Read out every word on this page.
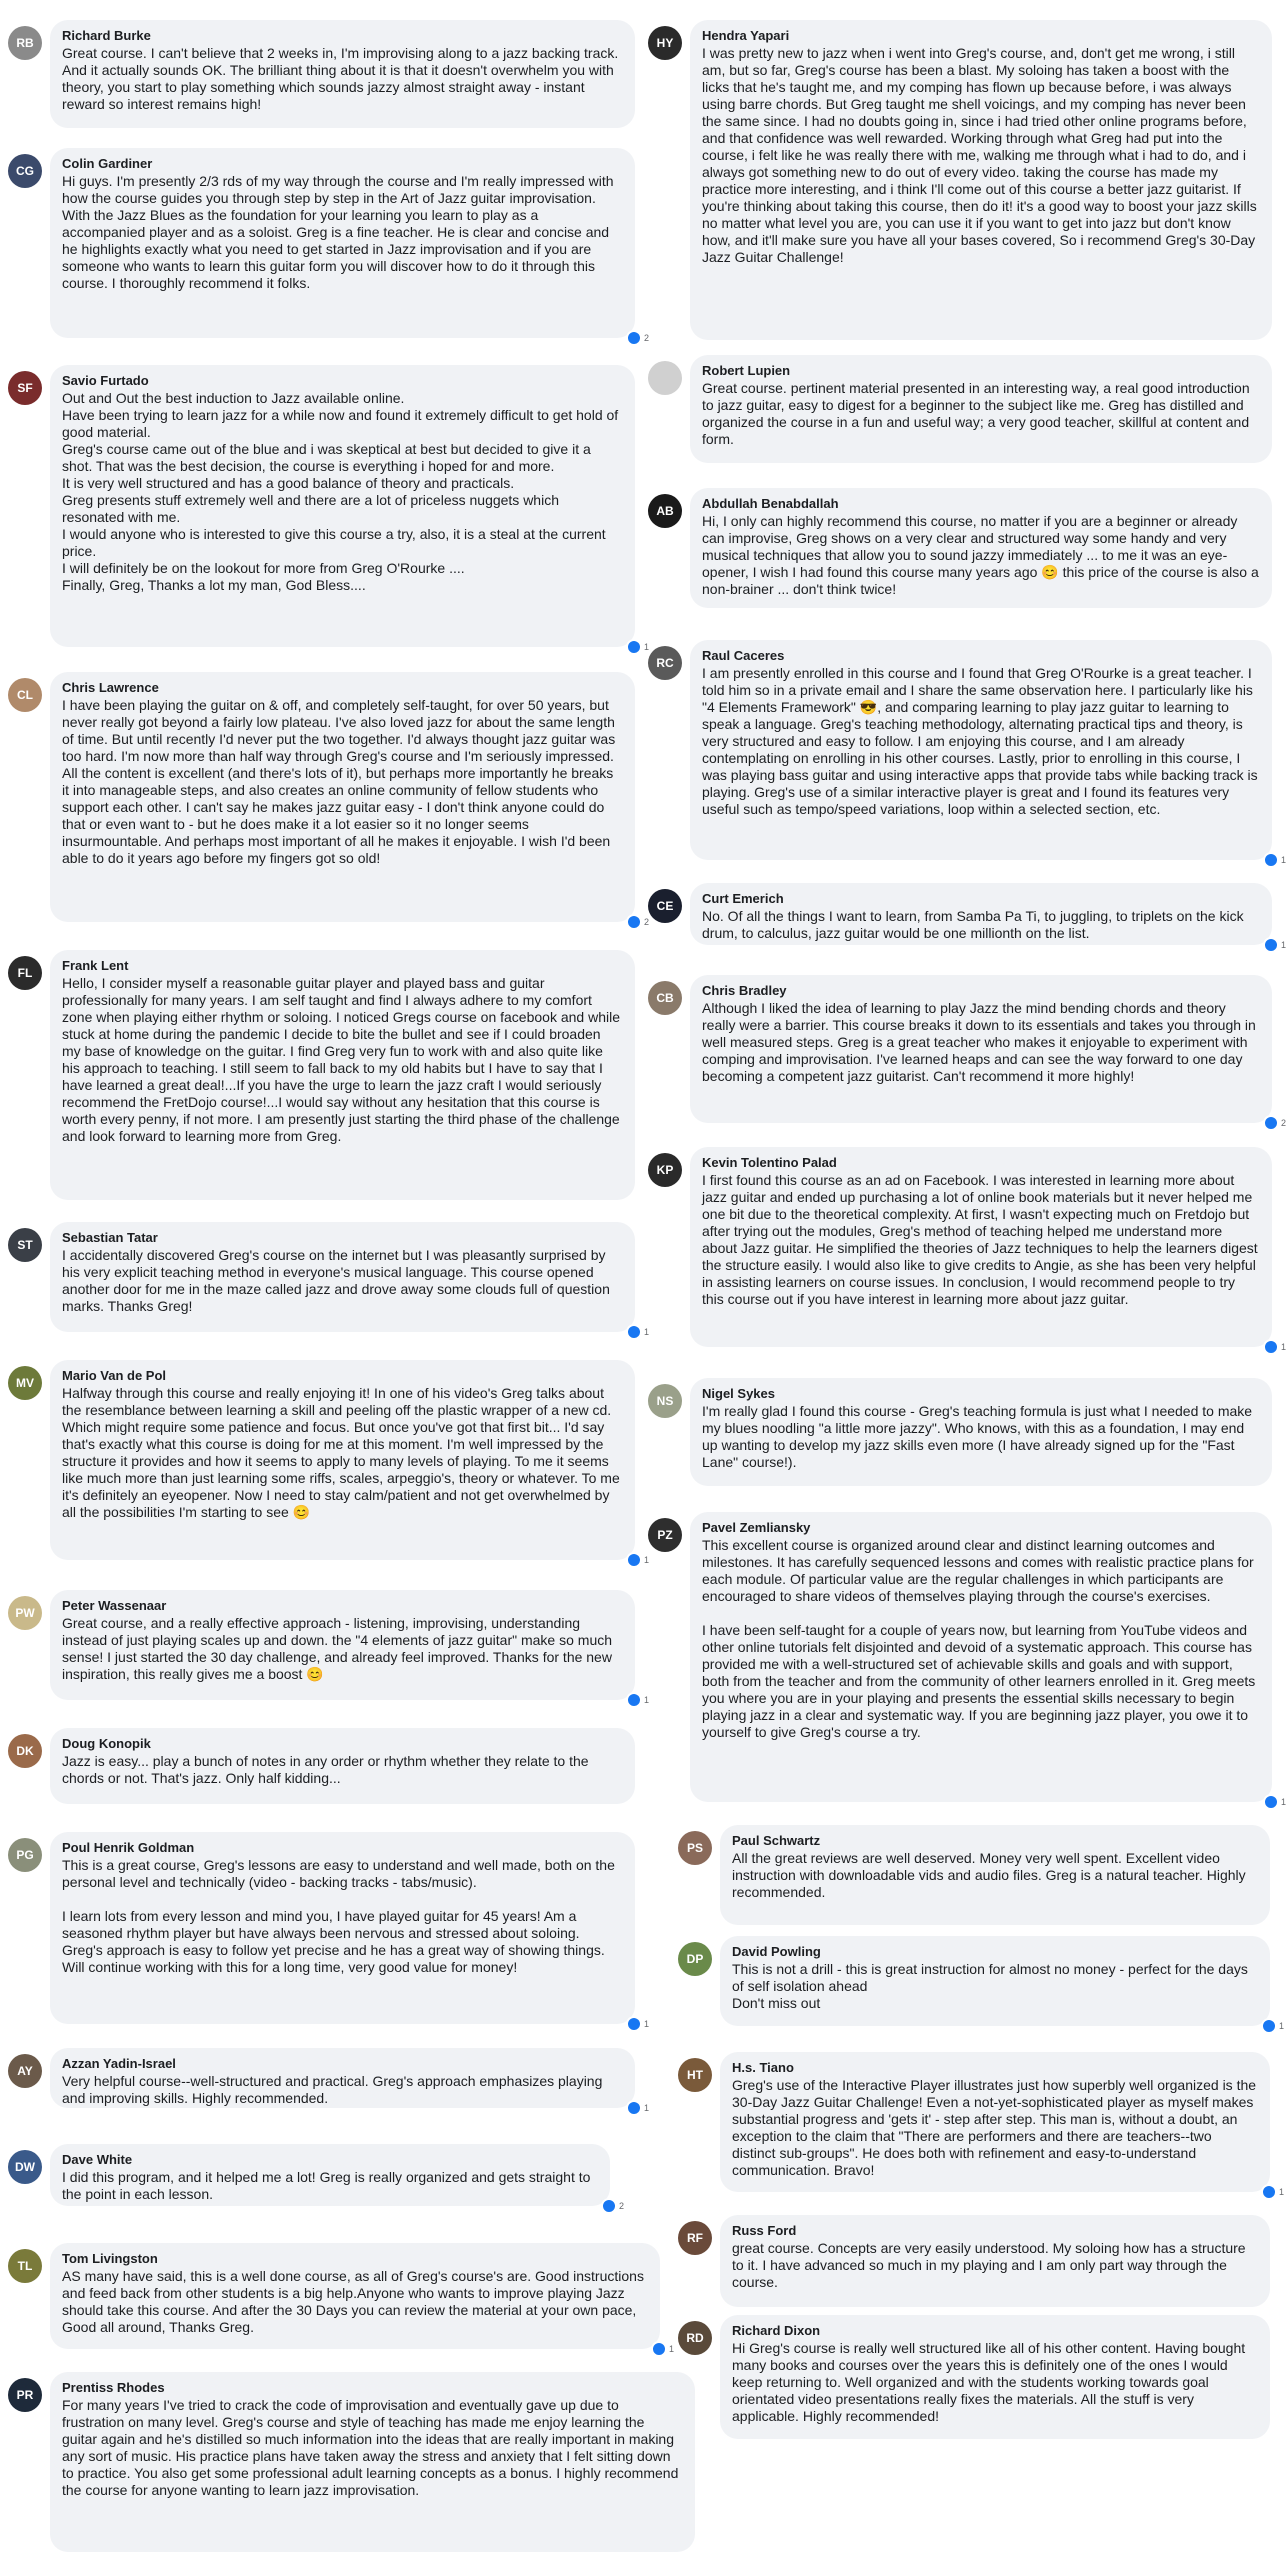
RB Richard Burke
Great course. I can't believe that 2 weeks in, I'm improvising along to a jazz backing track. And it actually sounds OK. The brilliant thing about it is that it doesn't overwhelm you with theory, you start to play something which sounds jazzy almost straight away - instant reward so interest remains high!
CG Colin Gardiner
Hi guys. I'm presently 2/3 rds of my way through the course and I'm really impressed with how the course guides you through step by step in the Art of Jazz guitar improvisation. With the Jazz Blues as the foundation for your learning you learn to play as a accompanied player and as a soloist. Greg is a fine teacher. He is clear and concise and he highlights exactly what you need to get started in Jazz improvisation and if you are someone who wants to learn this guitar form you will discover how to do it through this course. I thoroughly recommend it folks.
2
SF Savio Furtado
Out and Out the best induction to Jazz available online.
Have been trying to learn jazz for a while now and found it extremely difficult to get hold of good material.
Greg's course came out of the blue and i was skeptical at best but decided to give it a shot. That was the best decision, the course is everything i hoped for and more.
It is very well structured and has a good balance of theory and practicals.
Greg presents stuff extremely well and there are a lot of priceless nuggets which resonated with me.
I would anyone who is interested to give this course a try, also, it is a steal at the current price.
I will definitely be on the lookout for more from Greg O'Rourke ....
Finally, Greg, Thanks a lot my man, God Bless....
1
CL Chris Lawrence
I have been playing the guitar on & off, and completely self-taught, for over 50 years, but never really got beyond a fairly low plateau. I've also loved jazz for about the same length of time. But until recently I'd never put the two together. I'd always thought jazz guitar was too hard. I'm now more than half way through Greg's course and I'm seriously impressed. All the content is excellent (and there's lots of it), but perhaps more importantly he breaks it into manageable steps, and also creates an online community of fellow students who support each other. I can't say he makes jazz guitar easy - I don't think anyone could do that or even want to - but he does make it a lot easier so it no longer seems insurmountable. And perhaps most important of all he makes it enjoyable. I wish I'd been able to do it years ago before my fingers got so old!
2
FL Frank Lent
Hello, I consider myself a reasonable guitar player and played bass and guitar professionally for many years. I am self taught and find I always adhere to my comfort zone when playing either rhythm or soloing. I noticed Gregs course on facebook and while stuck at home during the pandemic I decide to bite the bullet and see if I could broaden my base of knowledge on the guitar. I find Greg very fun to work with and also quite like his approach to teaching. I still seem to fall back to my old habits but I have to say that I have learned a great deal!...If you have the urge to learn the jazz craft I would seriously recommend the FretDojo course!...I would say without any hesitation that this course is worth every penny, if not more. I am presently just starting the third phase of the challenge and look forward to learning more from Greg.
ST Sebastian Tatar
I accidentally discovered Greg's course on the internet but I was pleasantly surprised by his very explicit teaching method in everyone's musical language. This course opened another door for me in the maze called jazz and drove away some clouds full of question marks. Thanks Greg!
1
MV Mario Van de Pol
Halfway through this course and really enjoying it! In one of his video's Greg talks about the resemblance between learning a skill and peeling off the plastic wrapper of a new cd. Which might require some patience and focus. But once you've got that first bit... I'd say that's exactly what this course is doing for me at this moment. I'm well impressed by the structure it provides and how it seems to apply to many levels of playing. To me it seems like much more than just learning some riffs, scales, arpeggio's, theory or whatever. To me it's definitely an eyeopener. Now I need to stay calm/patient and not get overwhelmed by all the possibilities I'm starting to see 😊
1
PW Peter Wassenaar
Great course, and a really effective approach - listening, improvising, understanding instead of just playing scales up and down. the "4 elements of jazz guitar" make so much sense! I just started the 30 day challenge, and already feel improved. Thanks for the new inspiration, this really gives me a boost 😊
1
DK Doug Konopik
Jazz is easy... play a bunch of notes in any order or rhythm whether they relate to the chords or not. That's jazz. Only half kidding...
PG Poul Henrik Goldman
This is a great course, Greg's lessons are easy to understand and well made, both on the personal level and technically (video - backing tracks - tabs/music).

I learn lots from every lesson and mind you, I have played guitar for 45 years! Am a seasoned rhythm player but have always been nervous and stressed about soloing. Greg's approach is easy to follow yet precise and he has a great way of showing things. Will continue working with this for a long time, very good value for money!
1
AY Azzan Yadin-Israel
Very helpful course--well-structured and practical. Greg's approach emphasizes playing and improving skills. Highly recommended.
1
DW Dave White
I did this program, and it helped me a lot! Greg is really organized and gets straight to the point in each lesson.
2
TL Tom Livingston
AS many have said, this is a well done course, as all of Greg's course's are. Good instructions and feed back from other students is a big help.Anyone who wants to improve playing Jazz should take this course. And after the 30 Days you can review the material at your own pace, Good all around, Thanks Greg.
1
PR Prentiss Rhodes
For many years I've tried to crack the code of improvisation and eventually gave up due to frustration on many level. Greg's course and style of teaching has made me enjoy learning the guitar again and he's distilled so much information into the ideas that are really important in making any sort of music. His practice plans have taken away the stress and anxiety that I felt sitting down to practice. You also get some professional adult learning concepts as a bonus. I highly recommend the course for anyone wanting to learn jazz improvisation.
HY Hendra Yapari
I was pretty new to jazz when i went into Greg's course, and, don't get me wrong, i still am, but so far, Greg's course has been a blast. My soloing has taken a boost with the licks that he's taught me, and my comping has flown up because before, i was always using barre chords. But Greg taught me shell voicings, and my comping has never been the same since. I had no doubts going in, since i had tried other online programs before, and that confidence was well rewarded. Working through what Greg had put into the course, i felt like he was really there with me, walking me through what i had to do, and i always got something new to do out of every video. taking the course has made my practice more interesting, and i think I'll come out of this course a better jazz guitarist. If you're thinking about taking this course, then do it! it's a good way to boost your jazz skills no matter what level you are, you can use it if you want to get into jazz but don't know how, and it'll make sure you have all your bases covered, So i recommend Greg's 30-Day Jazz Guitar Challenge!
Robert Lupien
Great course. pertinent material presented in an interesting way, a real good introduction to jazz guitar, easy to digest for a beginner to the subject like me. Greg has distilled and organized the course in a fun and useful way; a very good teacher, skillful at content and form.
AB Abdullah Benabdallah
Hi, I only can highly recommend this course, no matter if you are a beginner or already can improvise, Greg shows on a very clear and structured way some handy and very musical techniques that allow you to sound jazzy immediately ... to me it was an eye-opener, I wish I had found this course many years ago 😊 this price of the course is also a non-brainer ... don't think twice!
RC Raul Caceres
I am presently enrolled in this course and I found that Greg O'Rourke is a great teacher. I told him so in a private email and I share the same observation here. I particularly like his "4 Elements Framework" 😎, and comparing learning to play jazz guitar to learning to speak a language. Greg's teaching methodology, alternating practical tips and theory, is very structured and easy to follow. I am enjoying this course, and I am already contemplating on enrolling in his other courses. Lastly, prior to enrolling in this course, I was playing bass guitar and using interactive apps that provide tabs while backing track is playing. Greg's use of a similar interactive player is great and I found its features very useful such as tempo/speed variations, loop within a selected section, etc.
1
CE Curt Emerich
No. Of all the things I want to learn, from Samba Pa Ti, to juggling, to triplets on the kick drum, to calculus, jazz guitar would be one millionth on the list.
1
CB Chris Bradley
Although I liked the idea of learning to play Jazz the mind bending chords and theory really were a barrier. This course breaks it down to its essentials and takes you through in well measured steps. Greg is a great teacher who makes it enjoyable to experiment with comping and improvisation. I've learned heaps and can see the way forward to one day becoming a competent jazz guitarist. Can't recommend it more highly!
2
KP Kevin Tolentino Palad
I first found this course as an ad on Facebook. I was interested in learning more about jazz guitar and ended up purchasing a lot of online book materials but it never helped me one bit due to the theoretical complexity. At first, I wasn't expecting much on Fretdojo but after trying out the modules, Greg's method of teaching helped me understand more about Jazz guitar. He simplified the theories of Jazz techniques to help the learners digest the structure easily. I would also like to give credits to Angie, as she has been very helpful in assisting learners on course issues. In conclusion, I would recommend people to try this course out if you have interest in learning more about jazz guitar.
1
NS Nigel Sykes
I'm really glad I found this course - Greg's teaching formula is just what I needed to make my blues noodling "a little more jazzy". Who knows, with this as a foundation, I may end up wanting to develop my jazz skills even more (I have already signed up for the "Fast Lane" course!).
PZ Pavel Zemliansky
This excellent course is organized around clear and distinct learning outcomes and milestones. It has carefully sequenced lessons and comes with realistic practice plans for each module. Of particular value are the regular challenges in which participants are encouraged to share videos of themselves playing through the course's exercises.

I have been self-taught for a couple of years now, but learning from YouTube videos and other online tutorials felt disjointed and devoid of a systematic approach. This course has provided me with a well-structured set of achievable skills and goals and with support, both from the teacher and from the community of other learners enrolled in it. Greg meets you where you are in your playing and presents the essential skills necessary to begin playing jazz in a clear and systematic way. If you are beginning jazz player, you owe it to yourself to give Greg's course a try.
1
PS Paul Schwartz
All the great reviews are well deserved. Money very well spent. Excellent video instruction with downloadable vids and audio files. Greg is a natural teacher. Highly recommended.
DP David Powling
This is not a drill - this is great instruction for almost no money - perfect for the days of self isolation ahead
Don't miss out
1
HT H.s. Tiano
Greg's use of the Interactive Player illustrates just how superbly well organized is the 30-Day Jazz Guitar Challenge! Even a not-yet-sophisticated player as myself makes substantial progress and 'gets it' - step after step. This man is, without a doubt, an exception to the claim that "There are performers and there are teachers--two distinct sub-groups". He does both with refinement and easy-to-understand communication. Bravo!
1
RF Russ Ford
great course. Concepts are very easily understood. My soloing how has a structure to it. I have advanced so much in my playing and I am only part way through the course.
RD Richard Dixon
Hi Greg's course is really well structured like all of his other content. Having bought many books and courses over the years this is definitely one of the ones I would keep returning to. Well organized and with the students working towards goal orientated video presentations really fixes the materials. All the stuff is very applicable. Highly recommended!
